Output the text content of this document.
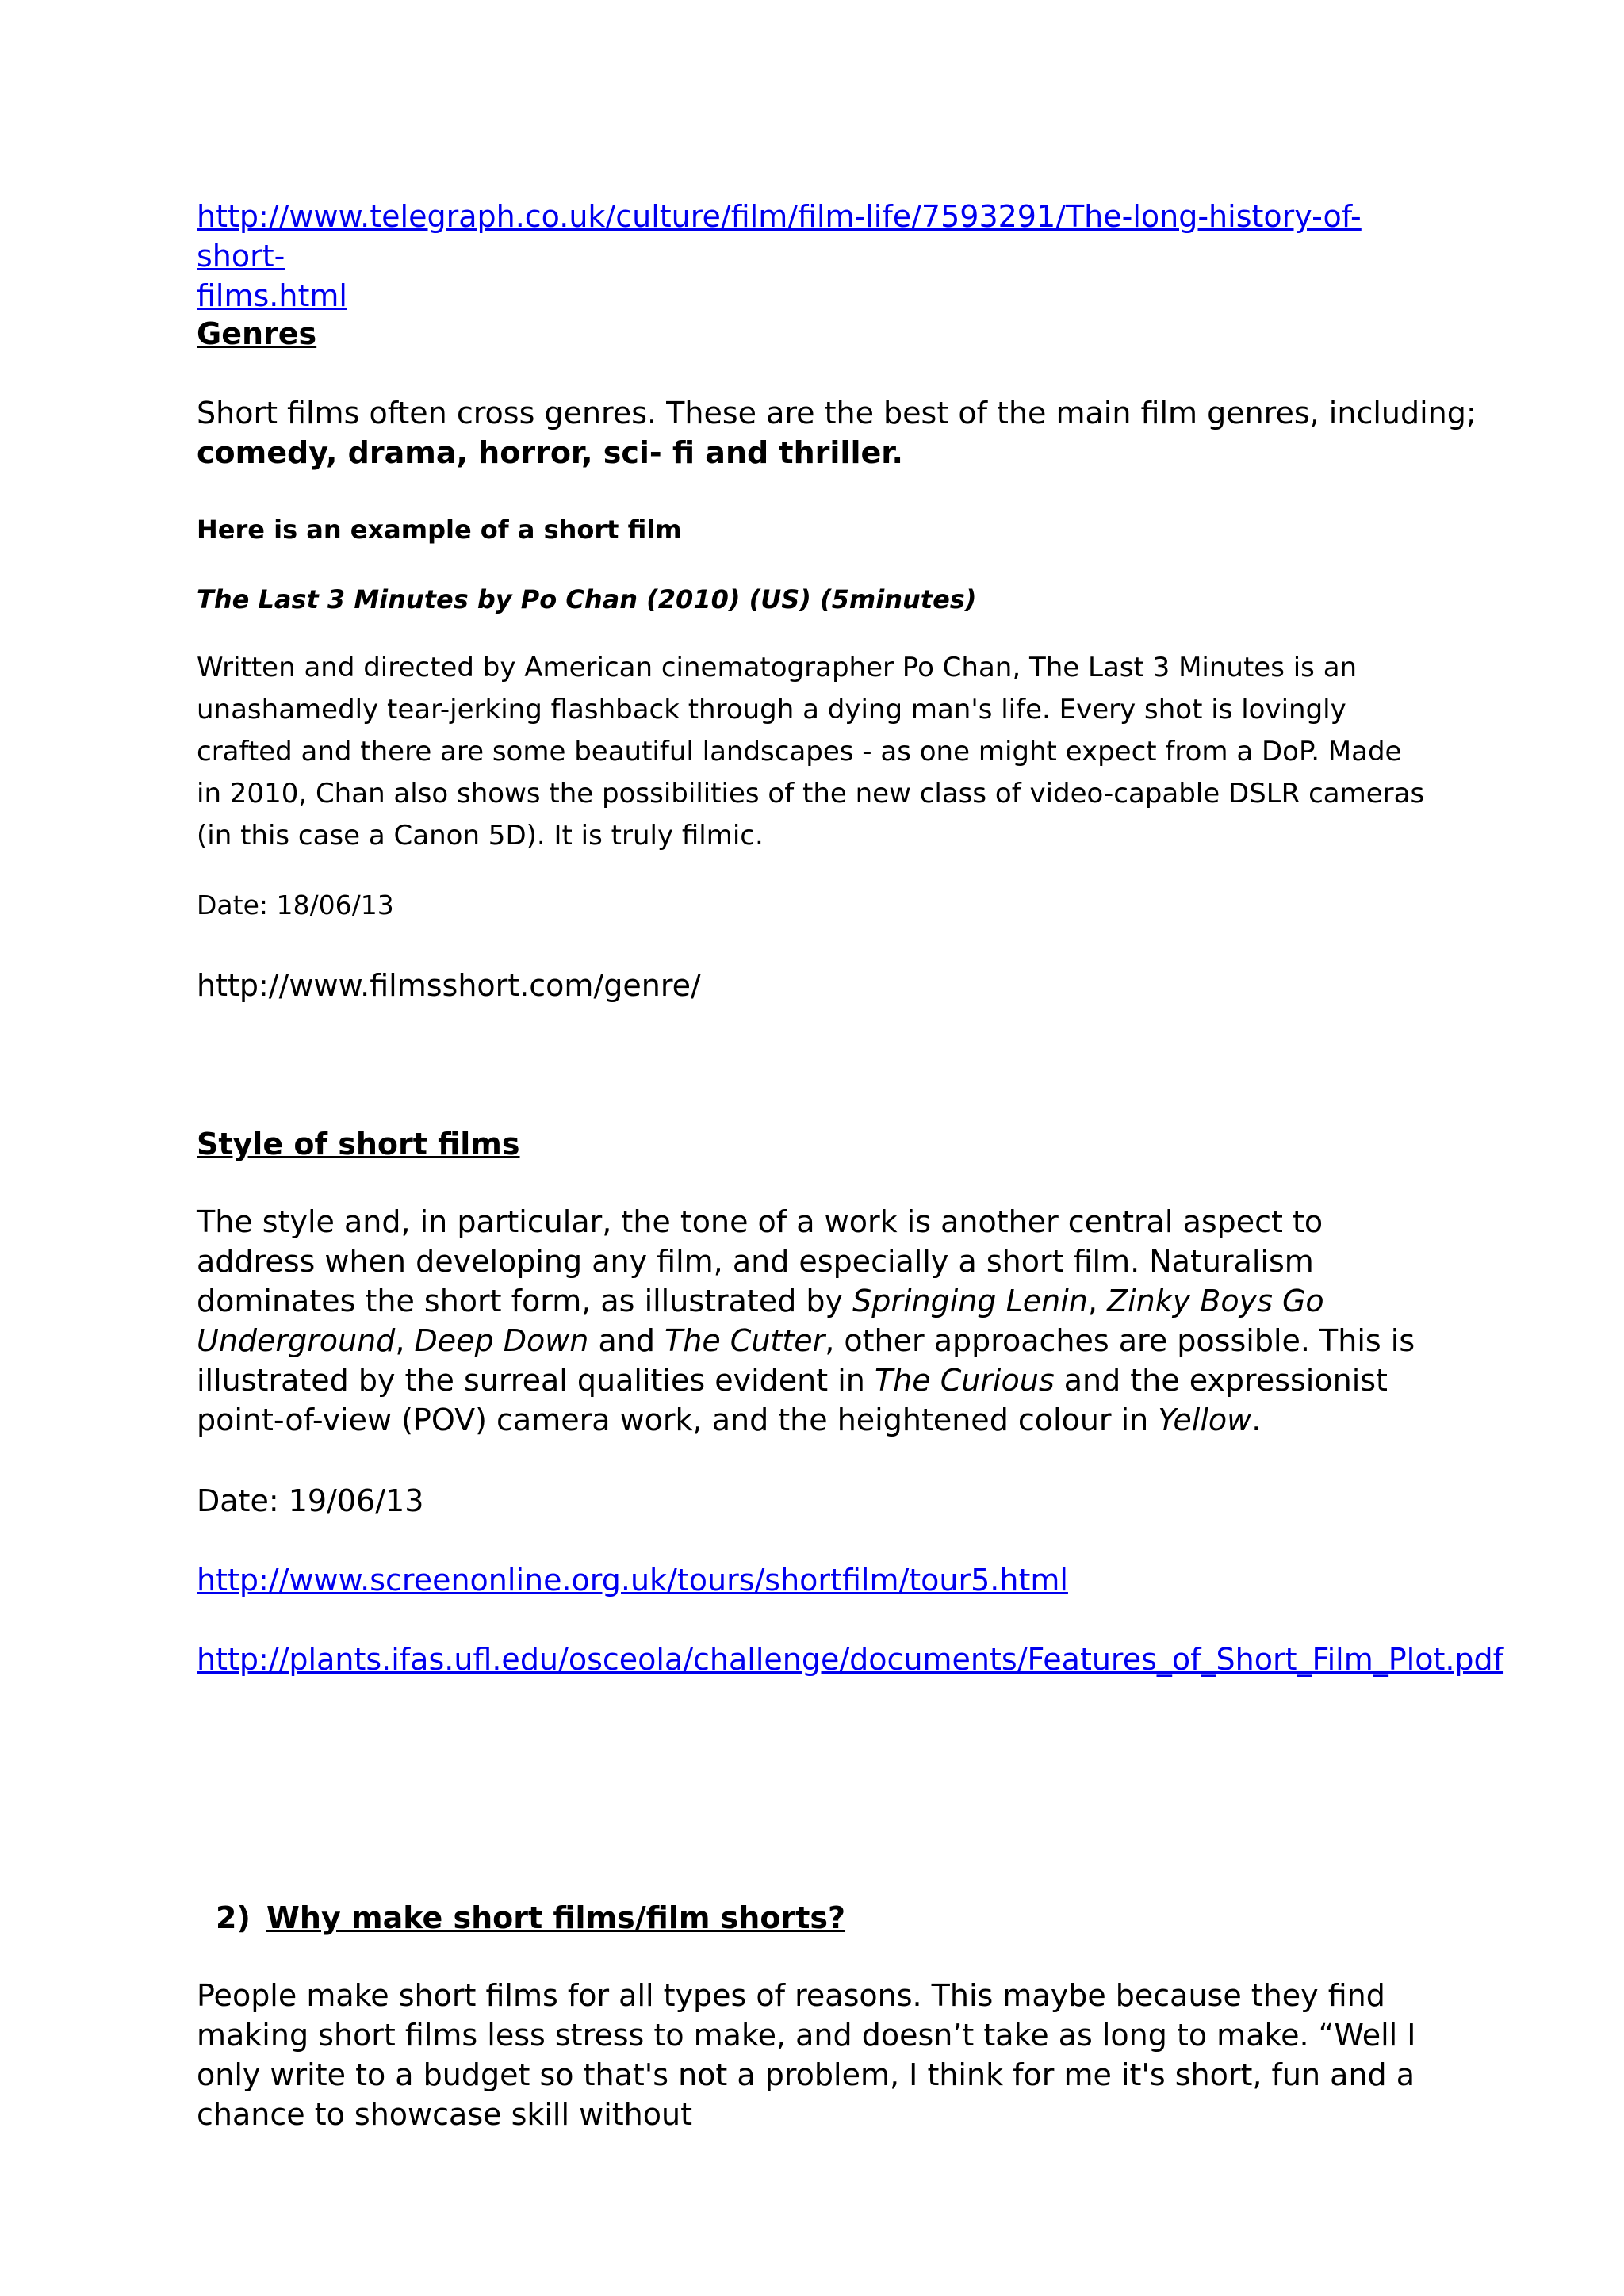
http://www.telegraph.co.uk/culture/film/film-life/7593291/The-long-history-of-short-
films.html

Genres

Short films often cross genres. These are the best of the main film genres, including;

comedy, drama, horror, sci- fi and thriller.

Here is an example of a short film

The Last 3 Minutes by Po Chan (2010) (US) (5minutes)

Written and directed by American cinematographer Po Chan, The Last 3 Minutes is an unashamedly tear-jerking flashback through a dying man's life. Every shot is lovingly crafted and there are some beautiful landscapes - as one might expect from a DoP. Made in 2010, Chan also shows the possibilities of the new class of video-capable DSLR cameras (in this case a Canon 5D). It is truly filmic.

Date: 18/06/13

http://www.filmsshort.com/genre/

Style of short films

The style and, in particular, the tone of a work is another central aspect to address when developing any film, and especially a short film. Naturalism dominates the short form, as illustrated by Springing Lenin, Zinky Boys Go Underground, Deep Down and The Cutter, other approaches are possible. This is illustrated by the surreal qualities evident in The Curious and the expressionist point-of-view (POV) camera work, and the heightened colour in Yellow.

Date: 19/06/13

http://www.screenonline.org.uk/tours/shortfilm/tour5.html
http://plants.ifas.ufl.edu/osceola/challenge/documents/Features_of_Short_Film_Plot.pdf

2) Why make short films/film shorts?

People make short films for all types of reasons. This maybe because they find making short films less stress to make, and doesn’t take as long to make. “Well I only write to a budget so that's not a problem, I think for me it's short, fun and a chance to showcase skill without
